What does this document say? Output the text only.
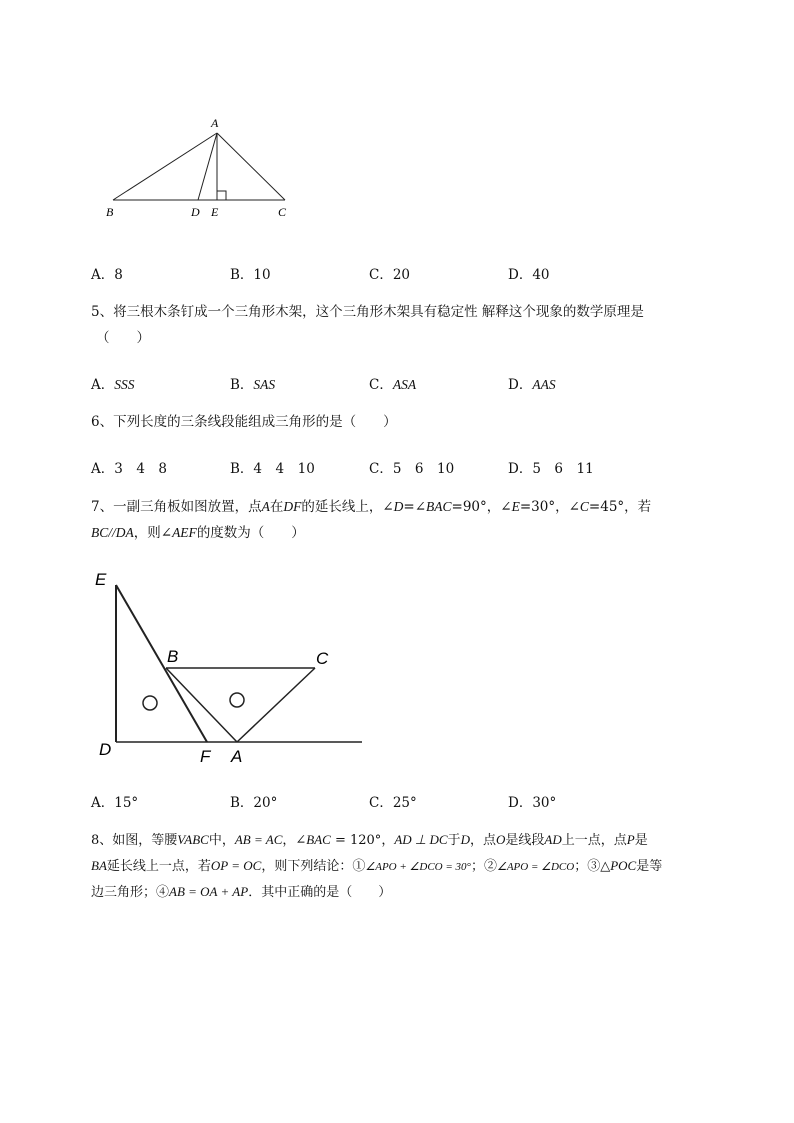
A
B	D E	C
A．8	B．10	C．20	D．40
5、将三根木条钉成一个三角形木架，这个三角形木架具有稳定性 解释这个现象的数学原理是
（　　）
A．SSS	B．SAS	C．ASA	D．AAS
6、下列长度的三条线段能组成三角形的是（　　）
A．3　4　8	B．4　4　10	C．5　6　10	D．5　6　11
7、一副三角板如图放置，点A在DF的延长线上，∠D=∠BAC=90°，∠E=30°，∠C=45°，若
BC//DA，则∠AEF的度数为（　　）
E
B	C
D	F A
A．15°	B．20°	C．25°	D．30°
8、如图，等腰VABC中，AB = AC，∠BAC = 120°，AD ⊥ DC于D，点O是线段AD上一点，点P是
BA延长线上一点，若OP = OC，则下列结论：①∠APO + ∠DCO = 30°；②∠APO = ∠DCO；③△POC是等
边三角形；④AB = OA + AP．其中正确的是（　　）
